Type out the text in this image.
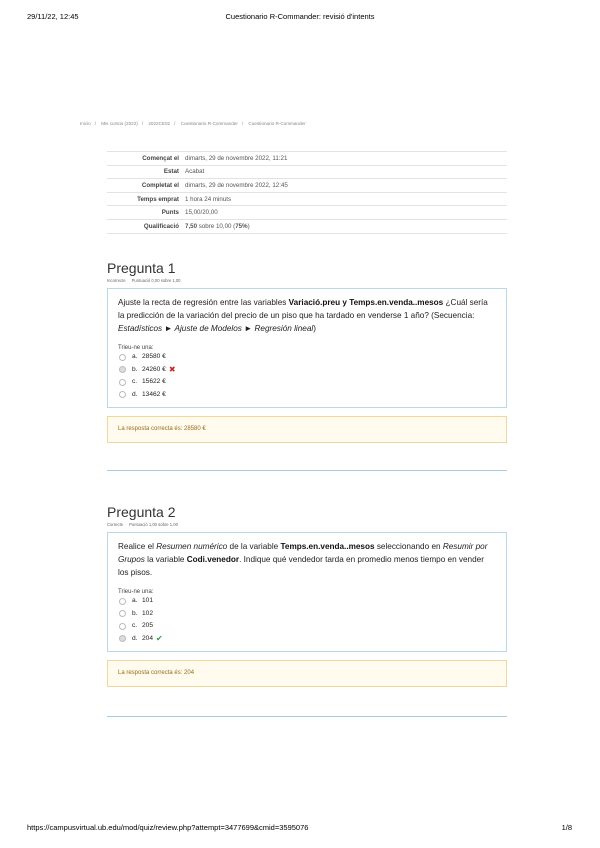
29/11/22, 12:45	Cuestionario R-Commander: revisió d'intents
Inicio / Mis cursos (2022) / 2022CE02 / Cuestionario R-Commander / Cuestionario R-Commander
Començat el	dimarts, 29 de novembre 2022, 11:21
Estat	Acabat
Completat el	dimarts, 29 de novembre 2022, 12:45
Temps emprat	1 hora 24 minuts
Punts	15,00/20,00
Qualificació	7,50 sobre 10,00 (75%)
Pregunta 1
Incorrecte Puntuació 0,00 sobre 1,00
Ajuste la recta de regresión entre las variables Variació.preu y Temps.en.venda..mesos ¿Cuál sería la predicción de la variación del precio de un piso que ha tardado en venderse 1 año? (Secuencia: Estadísticos ► Ajuste de Modelos ► Regresión lineal)
Trieu-ne una:
a. 28580 €
b. 24260 € ✖
c. 15622 €
d. 13462 €
La resposta correcta és: 28580 €
Pregunta 2
Correcte Puntuació 1,00 sobre 1,00
Realice el Resumen numérico de la variable Temps.en.venda..mesos seleccionando en Resumir por Grupos la variable Codi.venedor. Indique qué vendedor tarda en promedio menos tiempo en vender los pisos.
Trieu-ne una:
a. 101
b. 102
c. 205
d. 204 ✔
La resposta correcta és: 204
https://campusvirtual.ub.edu/mod/quiz/review.php?attempt=3477699&cmid=3595076	1/8
